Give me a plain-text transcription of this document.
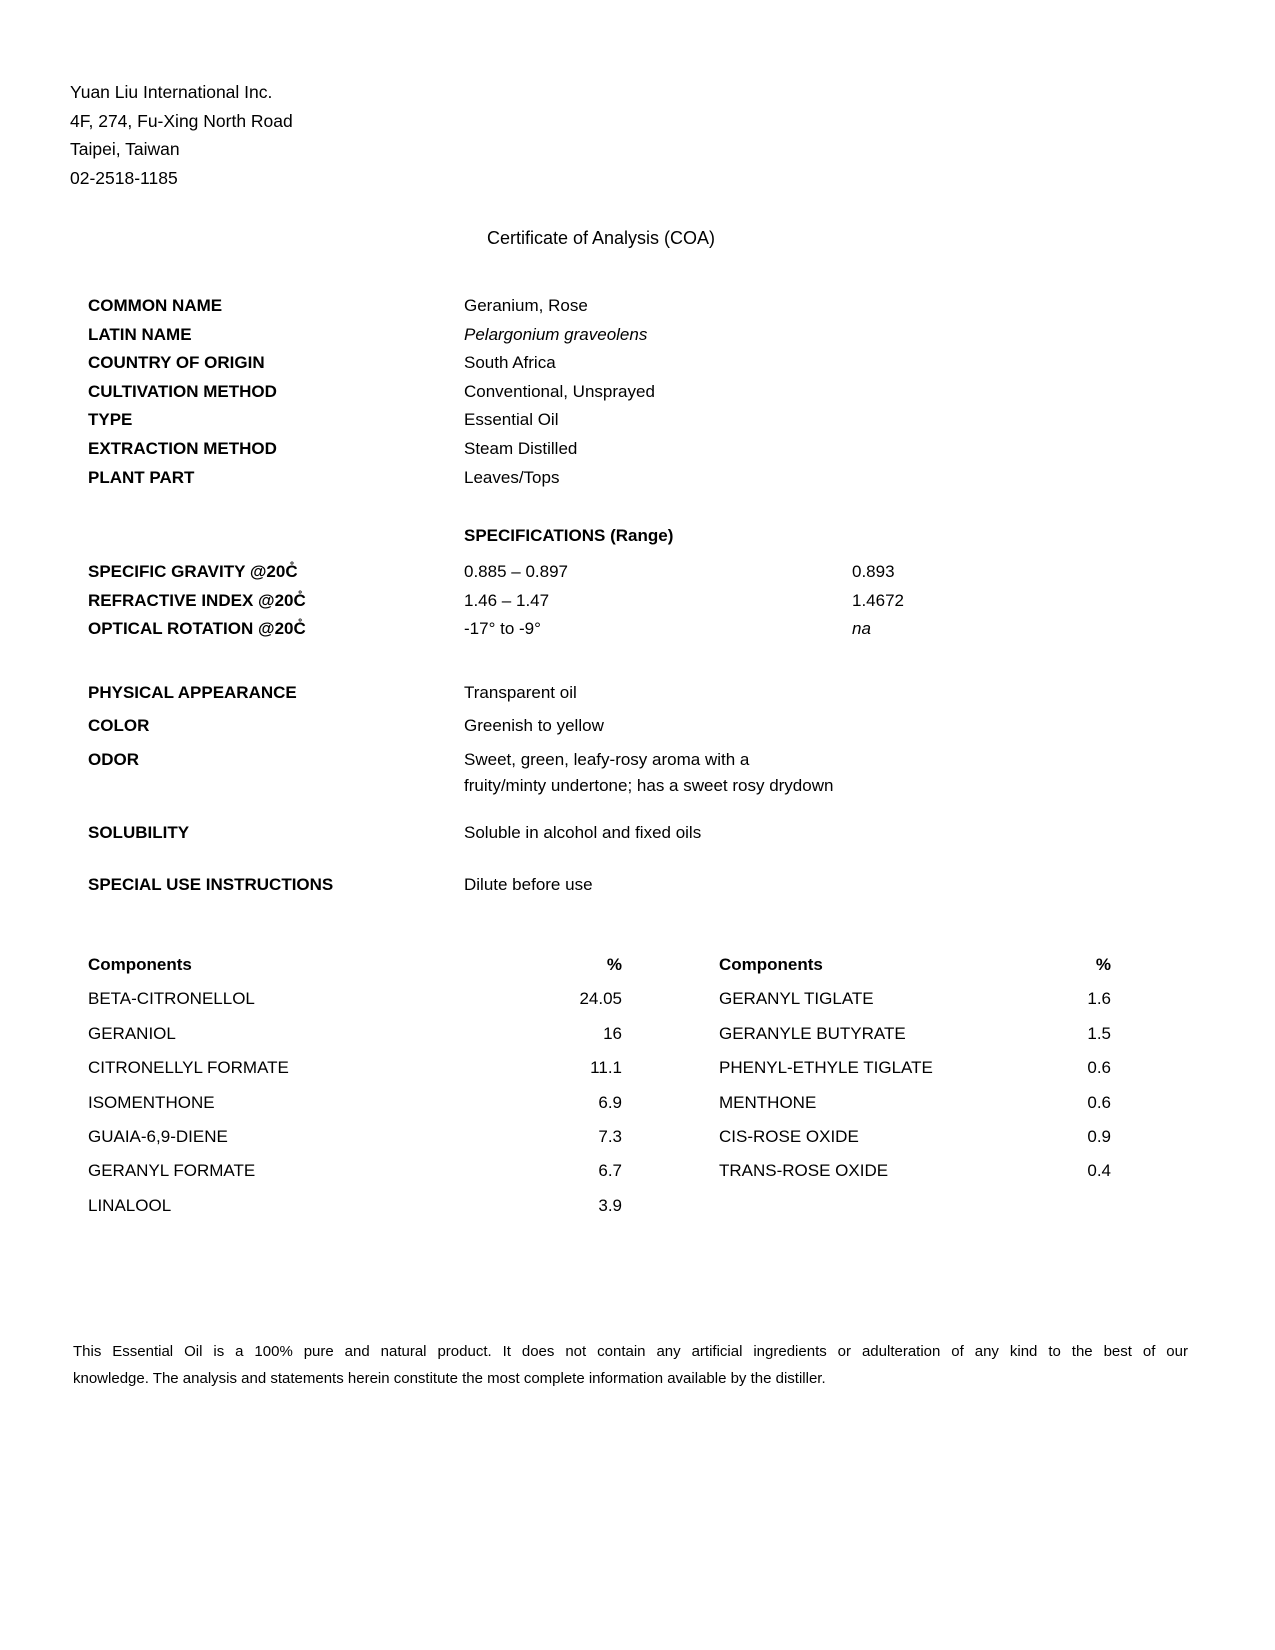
Yuan Liu International Inc.
4F, 274, Fu-Xing North Road
Taipei, Taiwan
02-2518-1185
Certificate of Analysis (COA)
COMMON NAME	Geranium, Rose
LATIN NAME	Pelargonium graveolens
COUNTRY OF ORIGIN	South Africa
CULTIVATION METHOD	Conventional, Unsprayed
TYPE	Essential Oil
EXTRACTION METHOD	Steam Distilled
PLANT PART	Leaves/Tops
SPECIFICATIONS (Range)
SPECIFIC GRAVITY @20C̊	0.885 – 0.897	0.893
REFRACTIVE INDEX @20C̊	1.46 – 1.47	1.4672
OPTICAL ROTATION @20C̊	-17° to -9°	na
PHYSICAL APPEARANCE	Transparent oil
COLOR	Greenish to yellow
ODOR	Sweet, green, leafy-rosy aroma with a
fruity/minty undertone; has a sweet rosy drydown
SOLUBILITY	Soluble in alcohol and fixed oils
SPECIAL USE INSTRUCTIONS	Dilute before use
Components	%
BETA-CITRONELLOL	24.05
GERANIOL	16
CITRONELLYL FORMATE	11.1
ISOMENTHONE	6.9
GUAIA-6,9-DIENE	7.3
GERANYL FORMATE	6.7
LINALOOL	3.9
Components	%
GERANYL TIGLATE	1.6
GERANYLE BUTYRATE	1.5
PHENYL-ETHYLE TIGLATE	0.6
MENTHONE	0.6
CIS-ROSE OXIDE	0.9
TRANS-ROSE OXIDE	0.4
This Essential Oil is a 100% pure and natural product. It does not contain any artificial ingredients or adulteration of any kind to the best of our
knowledge. The analysis and statements herein constitute the most complete information available by the distiller.
